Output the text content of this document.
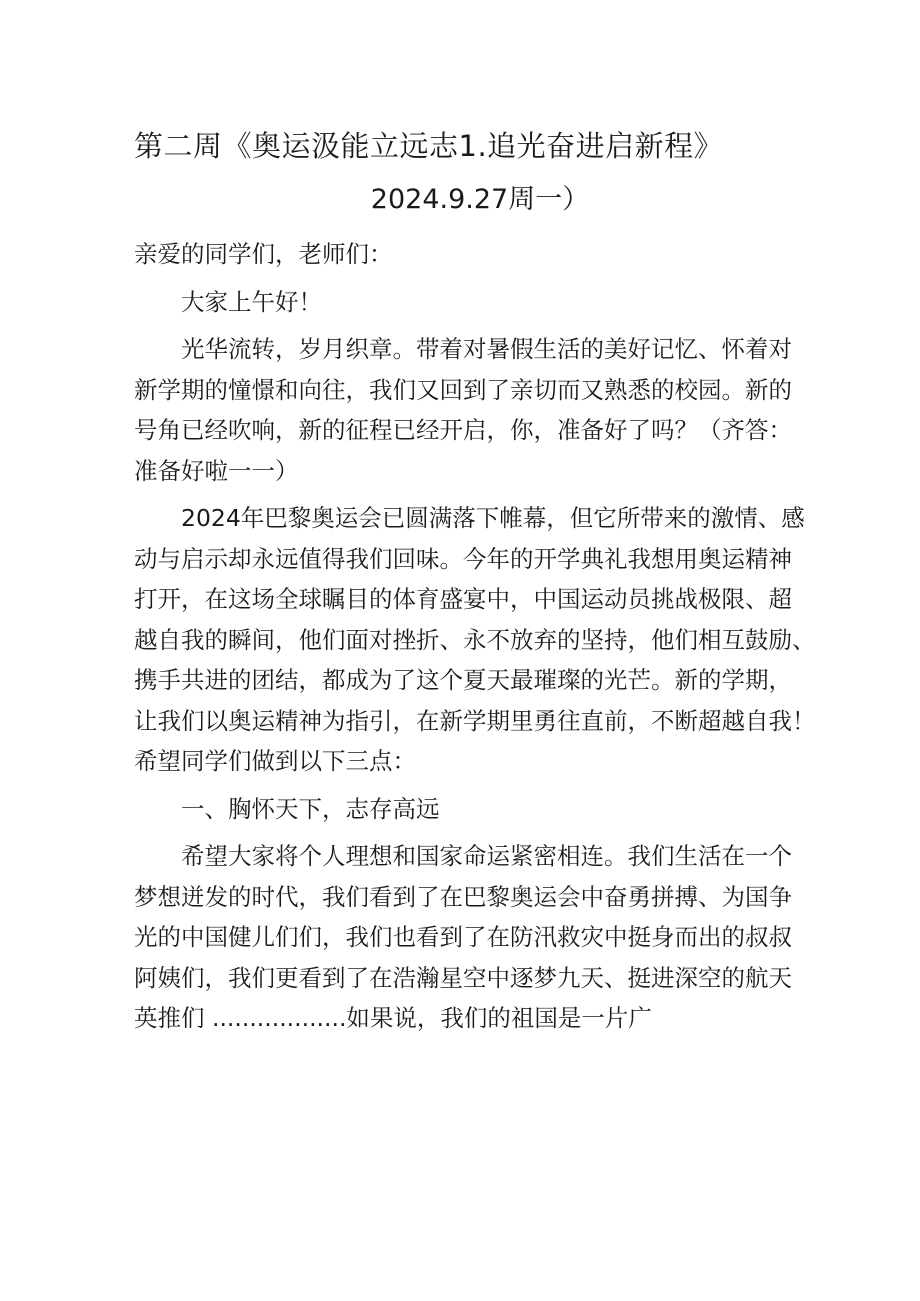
第二周《奥运汲能立远志1.追光奋进启新程》
2024.9.27周一）

亲爱的同学们，老师们：

大家上午好！

光华流转，岁月织章。带着对暑假生活的美好记忆、怀着对
新学期的憧憬和向往，我们又回到了亲切而又熟悉的校园。新的
号角已经吹响，新的征程已经开启，你，准备好了吗？（齐答：
准备好啦一一）

2024年巴黎奥运会已圆满落下帷幕，但它所带来的激情、感
动与启示却永远值得我们回味。今年的开学典礼我想用奥运精神
打开，在这场全球瞩目的体育盛宴中，中国运动员挑战极限、超
越自我的瞬间，他们面对挫折、永不放弃的坚持，他们相互鼓励、
携手共进的团结，都成为了这个夏天最璀璨的光芒。新的学期，
让我们以奥运精神为指引，在新学期里勇往直前，不断超越自我！
希望同学们做到以下三点：

一、胸怀天下，志存高远

希望大家将个人理想和国家命运紧密相连。我们生活在一个
梦想迸发的时代，我们看到了在巴黎奥运会中奋勇拼搏、为国争
光的中国健儿们们，我们也看到了在防汛救灾中挺身而出的叔叔
阿姨们，我们更看到了在浩瀚星空中逐梦九天、挺进深空的航天
英推们 ..................如果说，我们的祖国是一片广
